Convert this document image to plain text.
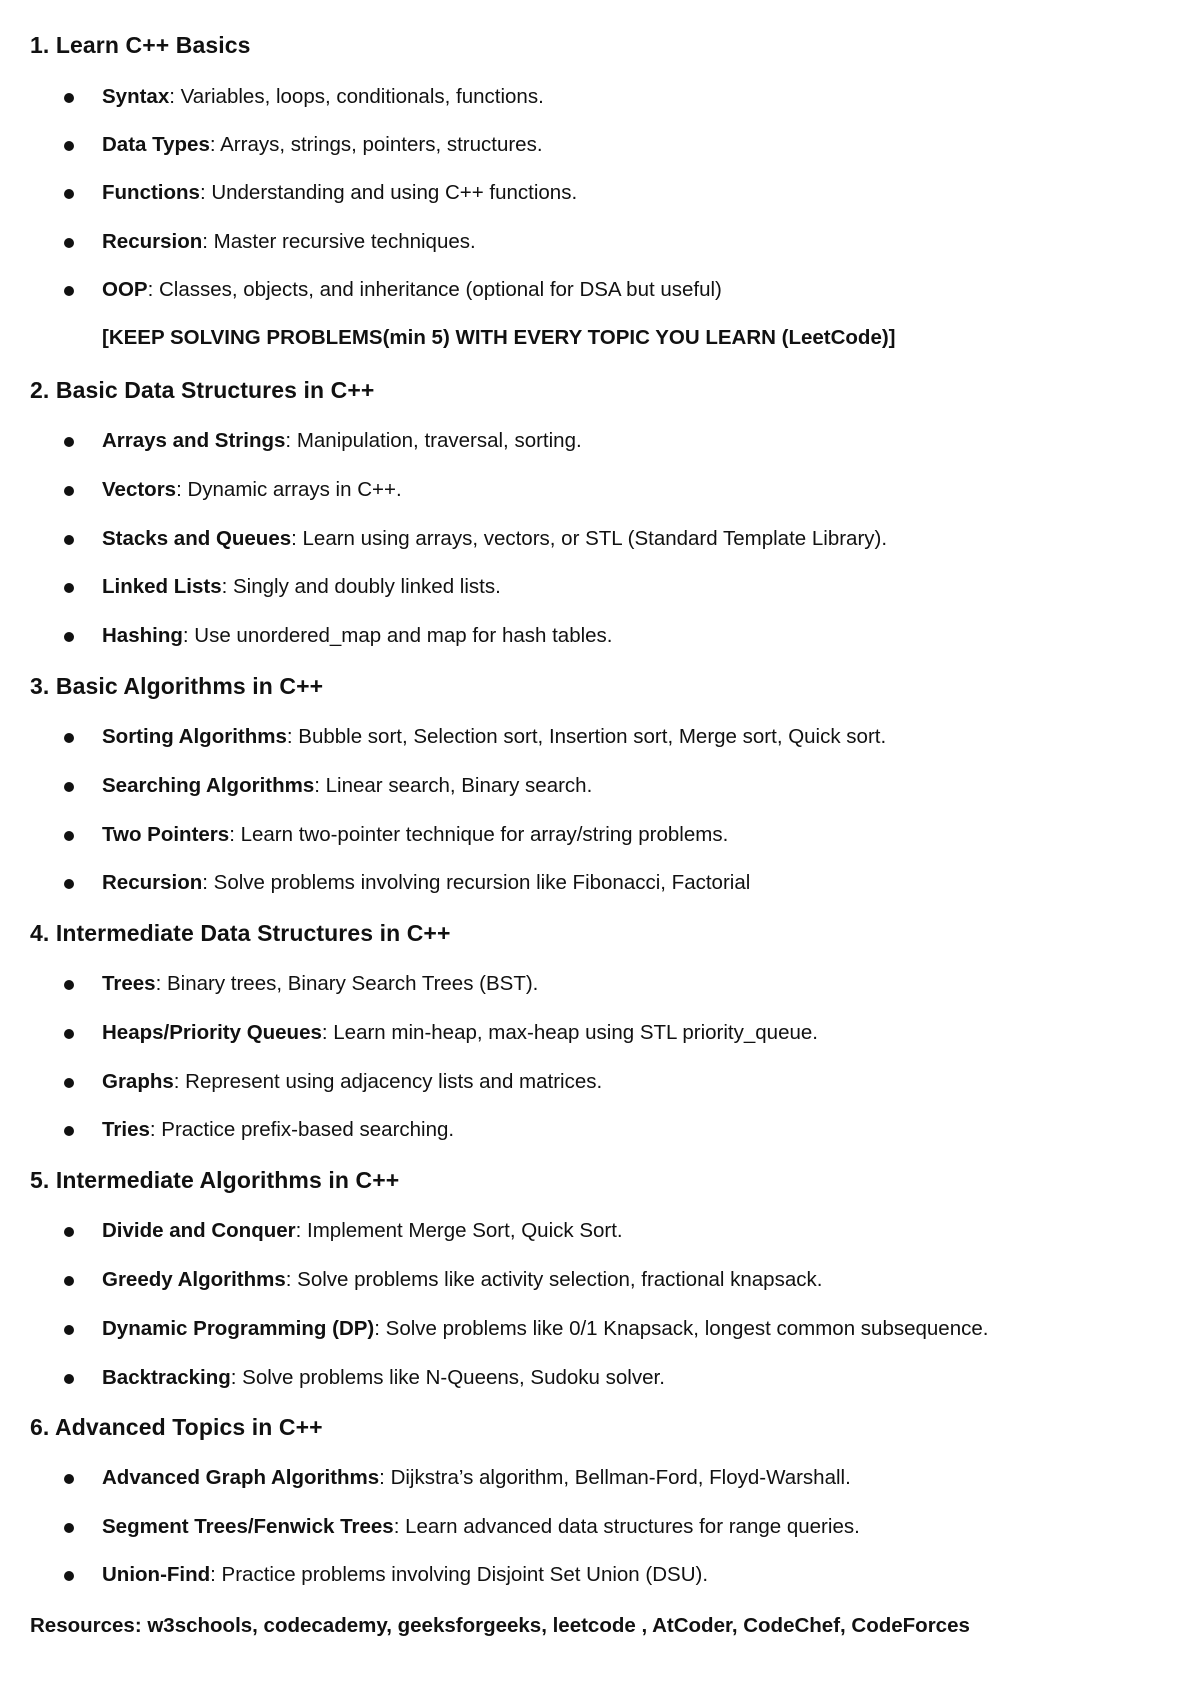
1. Learn C++ Basics
Syntax: Variables, loops, conditionals, functions.
Data Types: Arrays, strings, pointers, structures.
Functions: Understanding and using C++ functions.
Recursion: Master recursive techniques.
OOP: Classes, objects, and inheritance (optional for DSA but useful)
[KEEP SOLVING PROBLEMS(min 5) WITH EVERY TOPIC YOU LEARN (LeetCode)]
2. Basic Data Structures in C++
Arrays and Strings: Manipulation, traversal, sorting.
Vectors: Dynamic arrays in C++.
Stacks and Queues: Learn using arrays, vectors, or STL (Standard Template Library).
Linked Lists: Singly and doubly linked lists.
Hashing: Use unordered_map and map for hash tables.
3. Basic Algorithms in C++
Sorting Algorithms: Bubble sort, Selection sort, Insertion sort, Merge sort, Quick sort.
Searching Algorithms: Linear search, Binary search.
Two Pointers: Learn two-pointer technique for array/string problems.
Recursion: Solve problems involving recursion like Fibonacci, Factorial
4. Intermediate Data Structures in C++
Trees: Binary trees, Binary Search Trees (BST).
Heaps/Priority Queues: Learn min-heap, max-heap using STL priority_queue.
Graphs: Represent using adjacency lists and matrices.
Tries: Practice prefix-based searching.
5. Intermediate Algorithms in C++
Divide and Conquer: Implement Merge Sort, Quick Sort.
Greedy Algorithms: Solve problems like activity selection, fractional knapsack.
Dynamic Programming (DP): Solve problems like 0/1 Knapsack, longest common subsequence.
Backtracking: Solve problems like N-Queens, Sudoku solver.
6. Advanced Topics in C++
Advanced Graph Algorithms: Dijkstra’s algorithm, Bellman-Ford, Floyd-Warshall.
Segment Trees/Fenwick Trees: Learn advanced data structures for range queries.
Union-Find: Practice problems involving Disjoint Set Union (DSU).
Resources: w3schools, codecademy, geeksforgeeks, leetcode , AtCoder, CodeChef, CodeForces
